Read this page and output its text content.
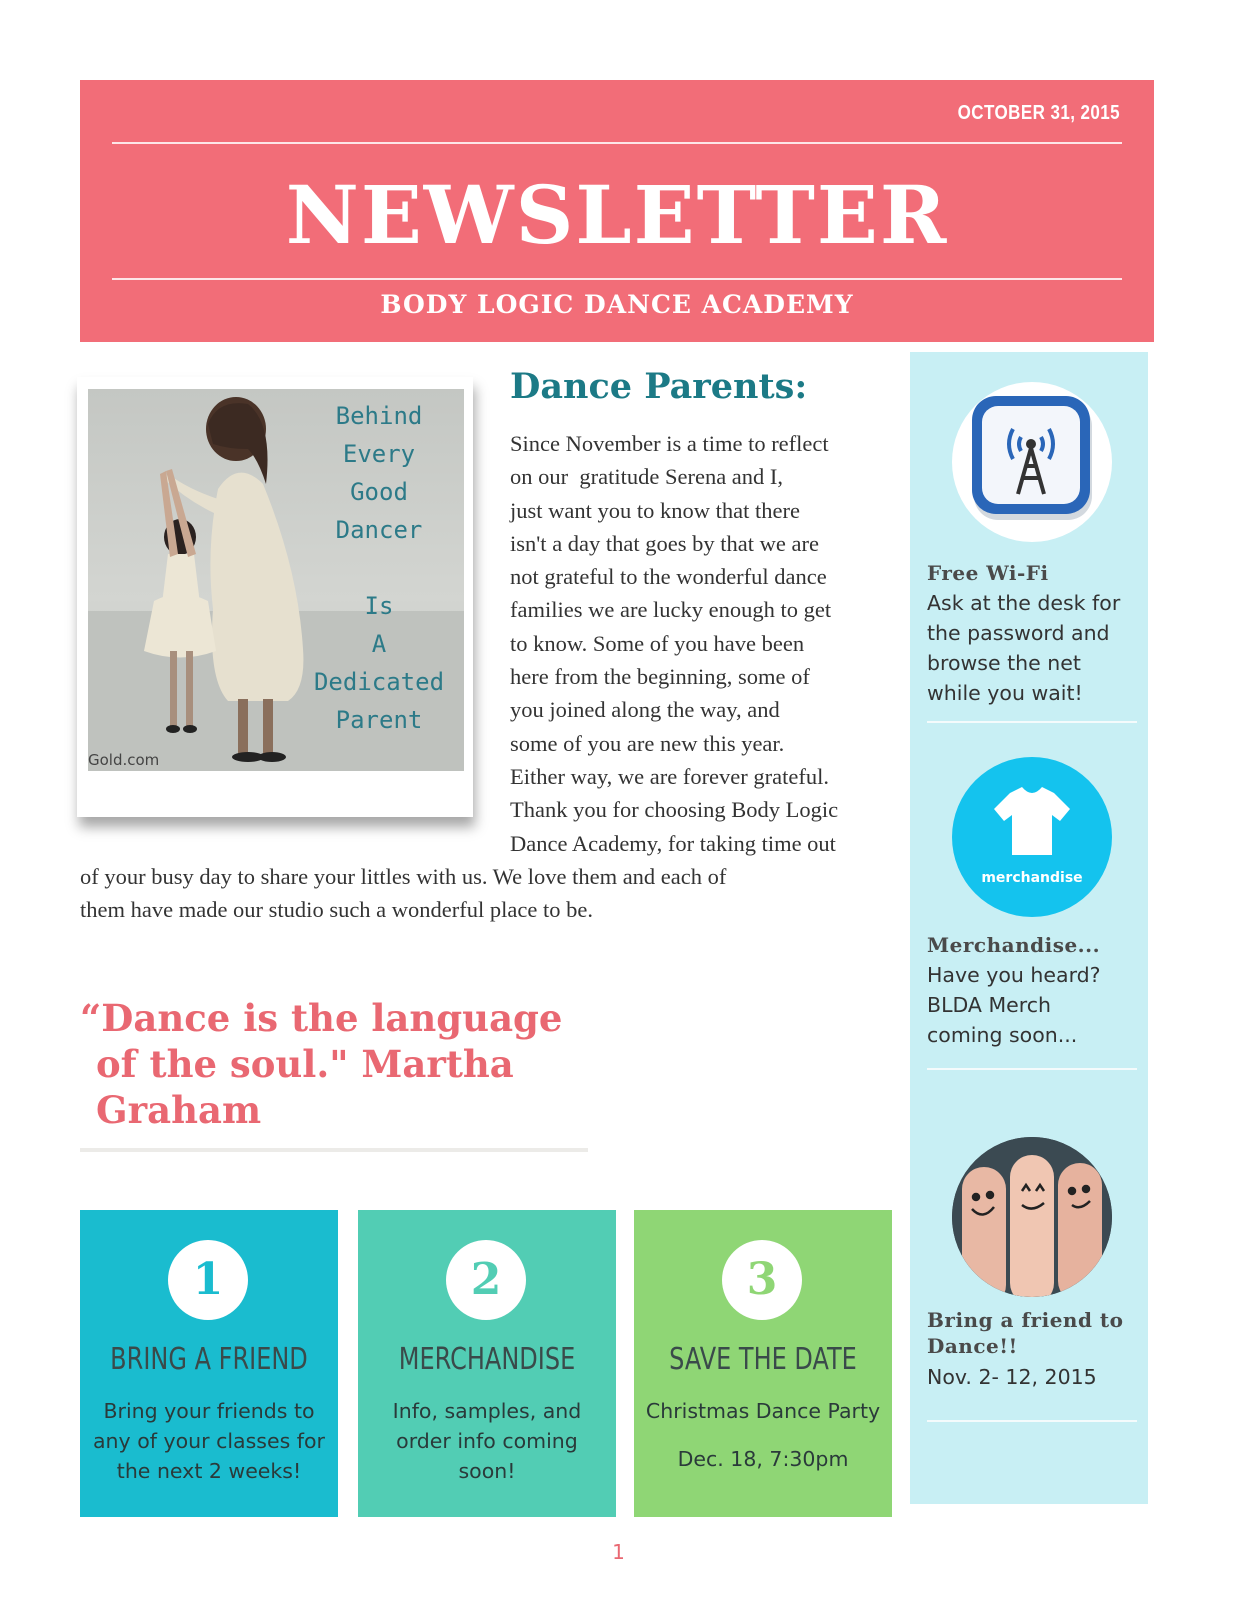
OCTOBER 31, 2015
NEWSLETTER
BODY LOGIC DANCE ACADEMY
Behind
Every
Good
Dancer
Is
A
Dedicated
Parent
Gold.com
Dance Parents:
Since November is a time to reflect
on our  gratitude Serena and I,
just want you to know that there
isn't a day that goes by that we are
not grateful to the wonderful dance
families we are lucky enough to get
to know. Some of you have been
here from the beginning, some of
you joined along the way, and
some of you are new this year.
Either way, we are forever grateful.
Thank you for choosing Body Logic
Dance Academy, for taking time out
of your busy day to share your littles with us. We love them and each of
them have made our studio such a wonderful place to be.
“Dance is the language
of the soul." Martha
Graham
1
BRING A FRIEND
Bring your friends to any of your classes for the next 2 weeks!
2
MERCHANDISE
Info, samples, and order info coming soon!
3
SAVE THE DATE
Christmas Dance Party
Dec. 18, 7:30pm
Free Wi-Fi
Ask at the desk for the password and browse the net while you wait!
merchandise
Merchandise...
Have you heard? BLDA Merch coming soon...
Bring a friend to Dance!!
Nov. 2- 12, 2015
1
